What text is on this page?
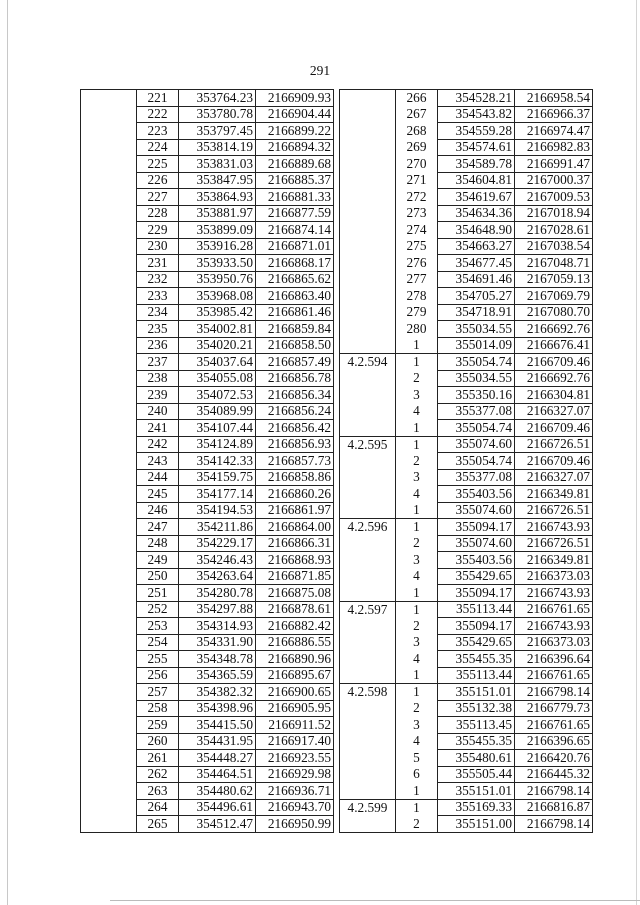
291
	221	353764.23	2166909.93
	222	353780.78	2166904.44
	223	353797.45	2166899.22
	224	353814.19	2166894.32
	225	353831.03	2166889.68
	226	353847.95	2166885.37
	227	353864.93	2166881.33
	228	353881.97	2166877.59
	229	353899.09	2166874.14
	230	353916.28	2166871.01
	231	353933.50	2166868.17
	232	353950.76	2166865.62
	233	353968.08	2166863.40
	234	353985.42	2166861.46
	235	354002.81	2166859.84
	236	354020.21	2166858.50
	237	354037.64	2166857.49
	238	354055.08	2166856.78
	239	354072.53	2166856.34
	240	354089.99	2166856.24
	241	354107.44	2166856.42
	242	354124.89	2166856.93
	243	354142.33	2166857.73
	244	354159.75	2166858.86
	245	354177.14	2166860.26
	246	354194.53	2166861.97
	247	354211.86	2166864.00
	248	354229.17	2166866.31
	249	354246.43	2166868.93
	250	354263.64	2166871.85
	251	354280.78	2166875.08
	252	354297.88	2166878.61
	253	354314.93	2166882.42
	254	354331.90	2166886.55
	255	354348.78	2166890.96
	256	354365.59	2166895.67
	257	354382.32	2166900.65
	258	354398.96	2166905.95
	259	354415.50	2166911.52
	260	354431.95	2166917.40
	261	354448.27	2166923.55
	262	354464.51	2166929.98
	263	354480.62	2166936.71
	264	354496.61	2166943.70
	265	354512.47	2166950.99
	266	354528.21	2166958.54
	267	354543.82	2166966.37
	268	354559.28	2166974.47
	269	354574.61	2166982.83
	270	354589.78	2166991.47
	271	354604.81	2167000.37
	272	354619.67	2167009.53
	273	354634.36	2167018.94
	274	354648.90	2167028.61
	275	354663.27	2167038.54
	276	354677.45	2167048.71
	277	354691.46	2167059.13
	278	354705.27	2167069.79
	279	354718.91	2167080.70
	280	355034.55	2166692.76
	1	355014.09	2166676.41
4.2.594	1	355054.74	2166709.46
	2	355034.55	2166692.76
	3	355350.16	2166304.81
	4	355377.08	2166327.07
	1	355054.74	2166709.46
4.2.595	1	355074.60	2166726.51
	2	355054.74	2166709.46
	3	355377.08	2166327.07
	4	355403.56	2166349.81
	1	355074.60	2166726.51
4.2.596	1	355094.17	2166743.93
	2	355074.60	2166726.51
	3	355403.56	2166349.81
	4	355429.65	2166373.03
	1	355094.17	2166743.93
4.2.597	1	355113.44	2166761.65
	2	355094.17	2166743.93
	3	355429.65	2166373.03
	4	355455.35	2166396.64
	1	355113.44	2166761.65
4.2.598	1	355151.01	2166798.14
	2	355132.38	2166779.73
	3	355113.45	2166761.65
	4	355455.35	2166396.65
	5	355480.61	2166420.76
	6	355505.44	2166445.32
	1	355151.01	2166798.14
4.2.599	1	355169.33	2166816.87
	2	355151.00	2166798.14
